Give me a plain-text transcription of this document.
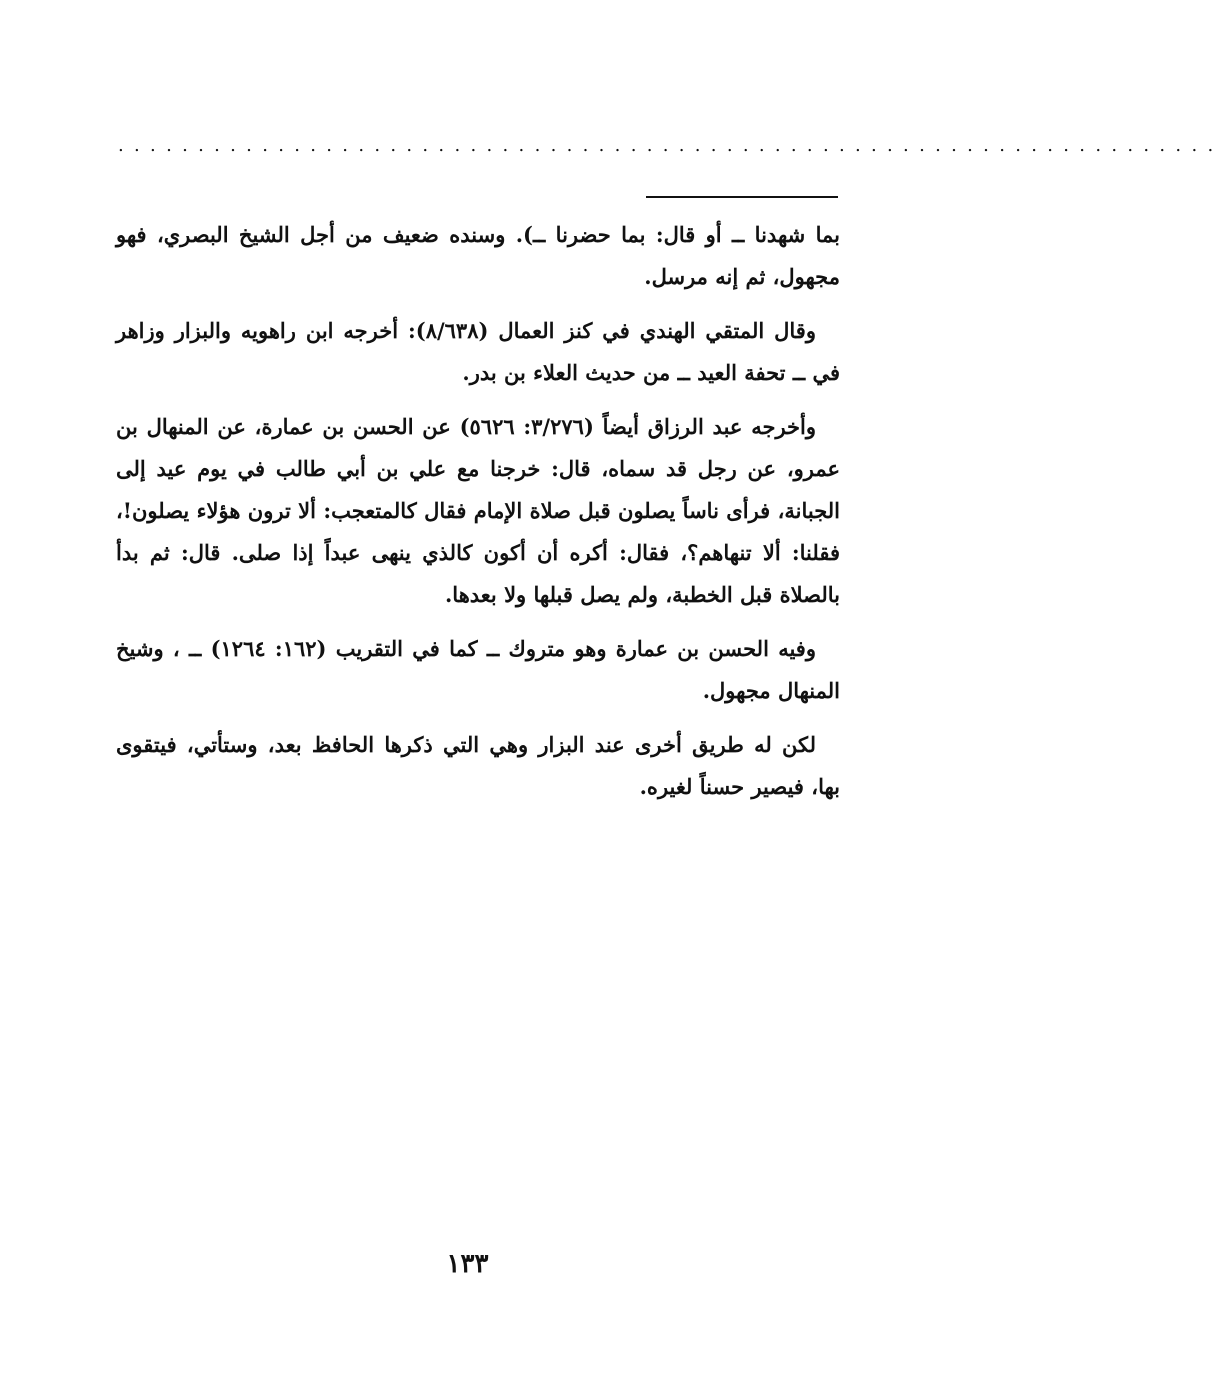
.....................................................................

بما شهدنا ــ أو قال: بما حضرنا ــ). وسنده ضعيف من أجل الشيخ البصري، فهو مجهول، ثم إنه مرسل.

وقال المتقي الهندي في كنز العمال (٨/٦٣٨): أخرجه ابن راهويه والبزار وزاهر في ــ تحفة العيد ــ من حديث العلاء بن بدر.

وأخرجه عبد الرزاق أيضاً (٣/٢٧٦: ٥٦٢٦) عن الحسن بن عمارة، عن المنهال بن عمرو، عن رجل قد سماه، قال: خرجنا مع علي بن أبي طالب في يوم عيد إلى الجبانة، فرأى ناساً يصلون قبل صلاة الإمام فقال كالمتعجب: ألا ترون هؤلاء يصلون!، فقلنا: ألا تنهاهم؟، فقال: أكره أن أكون كالذي ينهى عبداً إذا صلى. قال: ثم بدأ بالصلاة قبل الخطبة، ولم يصل قبلها ولا بعدها.

وفيه الحسن بن عمارة وهو متروك ــ كما في التقريب (١٦٢: ١٢٦٤) ــ ، وشيخ المنهال مجهول.

لكن له طريق أخرى عند البزار وهي التي ذكرها الحافظ بعد، وستأتي، فيتقوى بها، فيصير حسناً لغيره.

١٣٣
